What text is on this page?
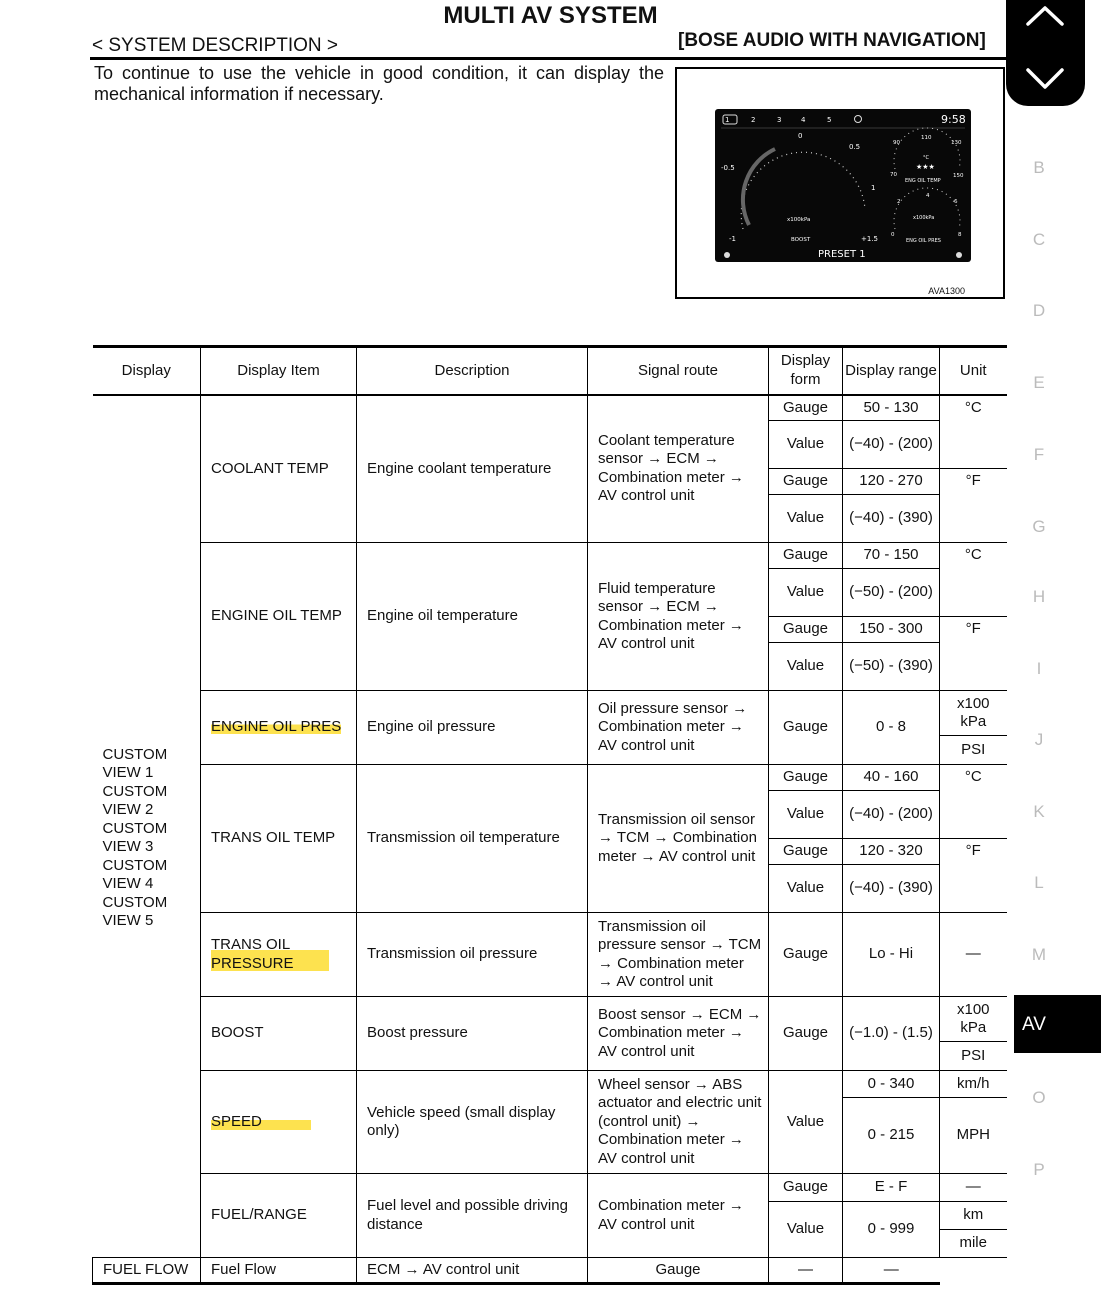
MULTI AV SYSTEM
< SYSTEM DESCRIPTION >	[BOSE AUDIO WITH NAVIGATION]
To continue to use the vehicle in good condition, it can display the mechanical information if necessary.
1	2	3	4	5	9:58
-0.5
0
0.5
1
+1.5
-1
x100kPa
BOOST
PRESET 1
70
90
110
130
150
°C
★★★
ENG OIL TEMP
0
2
4
6
8
x100kPa
ENG OIL PRES
AVA1300
B
C
D
E
F
G
H
I
J
K
L
M
O
P
AV
Display	Display Item	Description	Signal route	Display form	Display range	Unit
CUSTOM VIEW 1 CUSTOM VIEW 2 CUSTOM VIEW 3 CUSTOM VIEW 4 CUSTOM VIEW 5	COOLANT TEMP	Engine coolant temperature	Coolant temperature sensor → ECM → Combination meter → AV control unit	Gauge	50 - 130	°C
				Value	(−40) - (200)	
				Gauge	120 - 270	°F
				Value	(−40) - (390)	
	ENGINE OIL TEMP	Engine oil temperature	Fluid temperature sensor → ECM → Combination meter → AV control unit	Gauge	70 - 150	°C
				Value	(−50) - (200)	
				Gauge	150 - 300	°F
				Value	(−50) - (390)	
	ENGINE OIL PRES	Engine oil pressure	Oil pressure sensor → Combination meter → AV control unit	Gauge	0 - 8	x100 kPa
						PSI
	TRANS OIL TEMP	Transmission oil temperature	Transmission oil sensor → TCM → Combination meter → AV control unit	Gauge	40 - 160	°C
				Value	(−40) - (200)	
				Gauge	120 - 320	°F
				Value	(−40) - (390)	
	TRANS OIL PRESSURE	Transmission oil pressure	Transmission oil pressure sensor → TCM → Combination meter → AV control unit	Gauge	Lo - Hi	—
	BOOST	Boost pressure	Boost sensor → ECM → Combination meter → AV control unit	Gauge	(−1.0) - (1.5)	x100 kPa
						PSI
	SPEED	Vehicle speed (small display only)	Wheel sensor → ABS actuator and electric unit (control unit) → Combination meter → AV control unit	Value	0 - 340	km/h
					0 - 215	MPH
	FUEL/RANGE	Fuel level and possible driving distance	Combination meter → AV control unit	Gauge	E - F	—
				Value	0 - 999	km
						mile
FUEL FLOW	Fuel Flow	ECM → AV control unit	Gauge	—	—	
